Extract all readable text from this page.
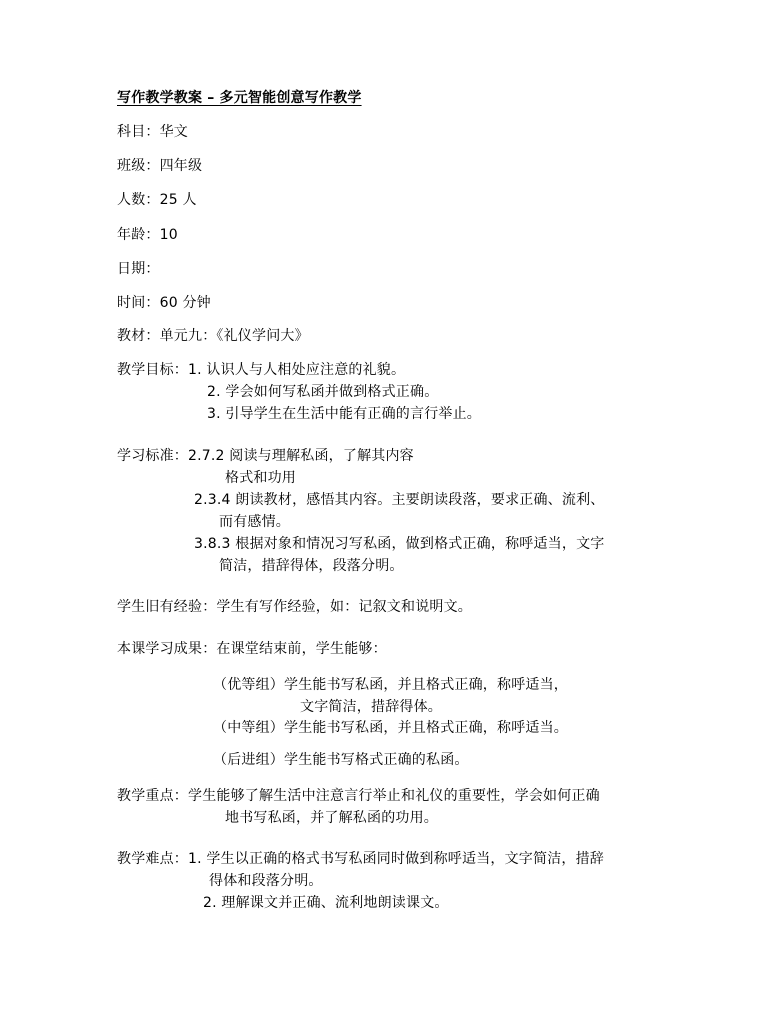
写作教学教案 – 多元智能创意写作教学
科目：华文
班级：四年级
人数：25 人
年龄：10
日期：
时间：60 分钟
教材：单元九：《礼仪学问大》
教学目标：1. 认识人与人相处应注意的礼貌。
2. 学会如何写私函并做到格式正确。
3. 引导学生在生活中能有正确的言行举止。
学习标准：2.7.2 阅读与理解私函，了解其内容
格式和功用
2.3.4 朗读教材，感悟其内容。主要朗读段落，要求正确、流利、
而有感情。
3.8.3 根据对象和情况习写私函，做到格式正确，称呼适当，文字
简洁，措辞得体，段落分明。
学生旧有经验：学生有写作经验，如：记叙文和说明文。
本课学习成果：在课堂结束前，学生能够：
（优等组）学生能书写私函，并且格式正确，称呼适当，
文字简洁，措辞得体。
（中等组）学生能书写私函，并且格式正确，称呼适当。
（后进组）学生能书写格式正确的私函。
教学重点：学生能够了解生活中注意言行举止和礼仪的重要性，学会如何正确
地书写私函，并了解私函的功用。
教学难点：1. 学生以正确的格式书写私函同时做到称呼适当，文字简洁，措辞
得体和段落分明。
2. 理解课文并正确、流利地朗读课文。
